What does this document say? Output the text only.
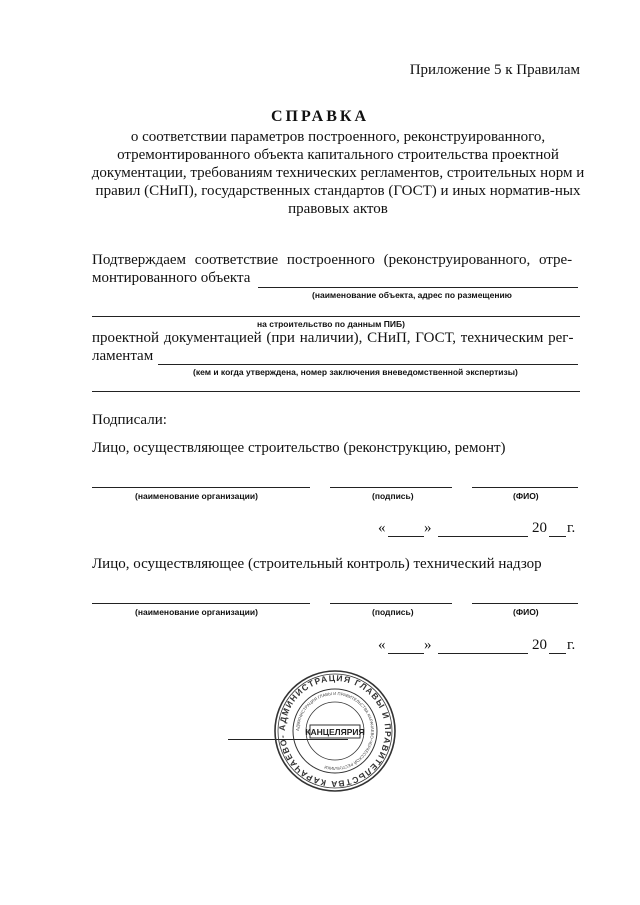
Приложение 5 к Правилам
СПРАВКА
о соответствии параметров построенного, реконструированного, отремонтированного объекта капитального строительства проектной документации, требованиям технических регламентов, строительных норм и правил (СНиП), государственных стандартов (ГОСТ) и иных норматив-ных правовых актов
Подтверждаем соответствие построенного (реконструированного, отре-
монтированного объекта
(наименование объекта, адрес по размещению
на строительство по данным ПИБ)
проектной документацией (при наличии), СНиП, ГОСТ, техническим рег-
ламентам
(кем и когда утверждена, номер заключения вневедомственной экспертизы)
Подписали:
Лицо, осуществляющее строительство (реконструкцию, ремонт)
(наименование организации)	(подпись)	(ФИО)
«	»	20 г.
Лицо, осуществляющее (строительный контроль) технический надзор
(наименование организации)	(подпись)	(ФИО)
«	»	20 г.
АДМИНИСТРАЦИЯ ГЛАВЫ И ПРАВИТЕЛЬСТВА КАРАЧАЕВО-
АДМИНИСТРАЦИЯ ГЛАВЫ И ПРАВИТЕЛЬСТВА КАРАЧАЕВО-ЧЕРКЕССКОЙ РЕСПУБЛИКИ
КАНЦЕЛЯРИЯ
